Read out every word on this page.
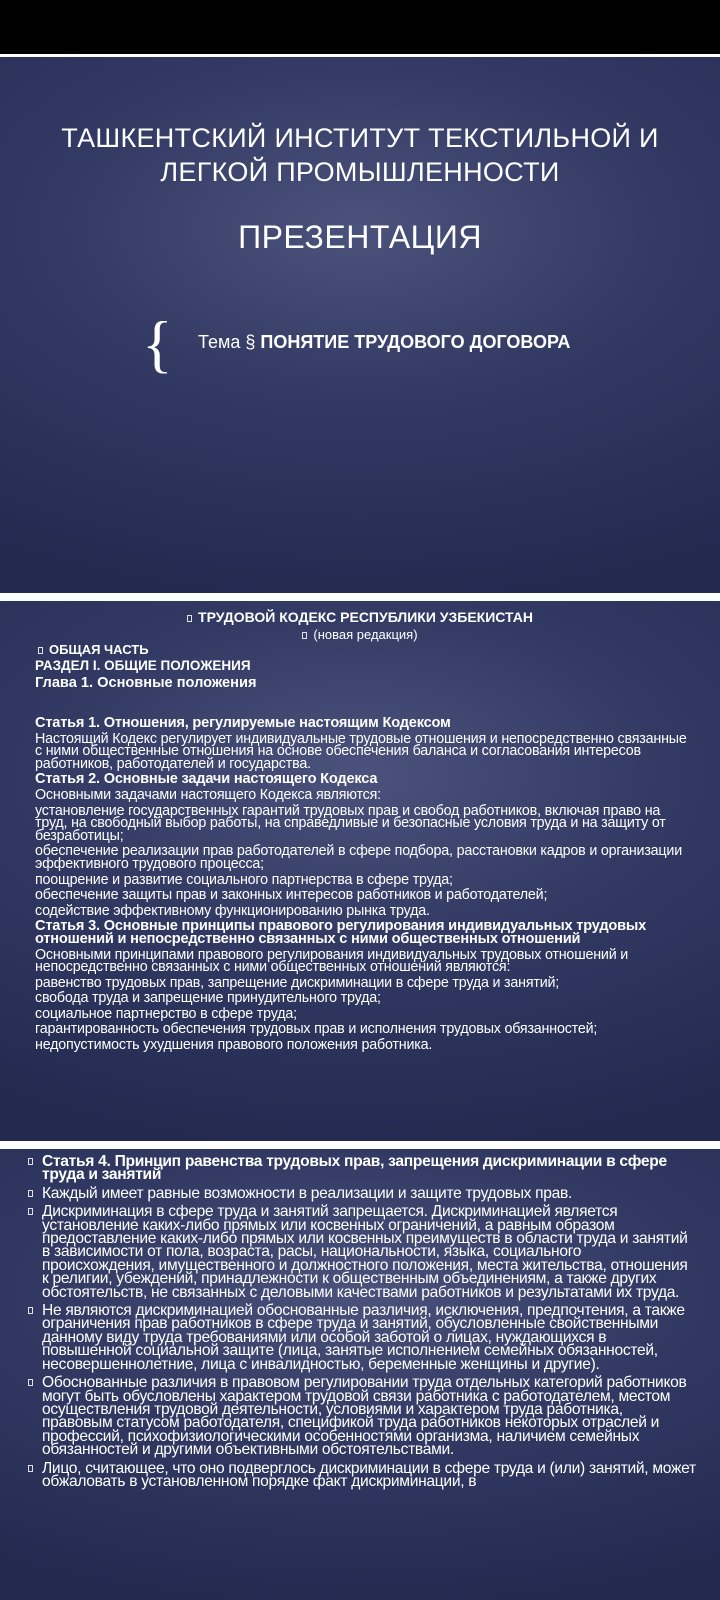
ТАШКЕНТСКИЙ ИНСТИТУТ ТЕКСТИЛЬНОЙ И ЛЕГКОЙ ПРОМЫШЛЕННОСТИ
ПРЕЗЕНТАЦИЯ
{ Тема § ПОНЯТИЕ ТРУДОВОГО ДОГОВОРА
ТРУДОВОЙ КОДЕКС РЕСПУБЛИКИ УЗБЕКИСТАН
(новая редакция)
ОБЩАЯ ЧАСТЬ
РАЗДЕЛ I. ОБЩИЕ ПОЛОЖЕНИЯ
Глава 1. Основные положения
Статья 1. Отношения, регулируемые настоящим Кодексом
Настоящий Кодекс регулирует индивидуальные трудовые отношения и непосредственно связанные с ними общественные отношения на основе обеспечения баланса и согласования интересов работников, работодателей и государства.
Статья 2. Основные задачи настоящего Кодекса
Основными задачами настоящего Кодекса являются:
установление государственных гарантий трудовых прав и свобод работников, включая право на труд, на свободный выбор работы, на справедливые и безопасные условия труда и на защиту от безработицы;
обеспечение реализации прав работодателей в сфере подбора, расстановки кадров и организации эффективного трудового процесса;
поощрение и развитие социального партнерства в сфере труда;
обеспечение защиты прав и законных интересов работников и работодателей;
содействие эффективному функционированию рынка труда.
Статья 3. Основные принципы правового регулирования индивидуальных трудовых отношений и непосредственно связанных с ними общественных отношений
Основными принципами правового регулирования индивидуальных трудовых отношений и непосредственно связанных с ними общественных отношений являются:
равенство трудовых прав, запрещение дискриминации в сфере труда и занятий;
свобода труда и запрещение принудительного труда;
социальное партнерство в сфере труда;
гарантированность обеспечения трудовых прав и исполнения трудовых обязанностей;
недопустимость ухудшения правового положения работника.
Статья 4. Принцип равенства трудовых прав, запрещения дискриминации в сфере труда и занятий
Каждый имеет равные возможности в реализации и защите трудовых прав.
Дискриминация в сфере труда и занятий запрещается. Дискриминацией является установление каких-либо прямых или косвенных ограничений, а равным образом предоставление каких-либо прямых или косвенных преимуществ в области труда и занятий в зависимости от пола, возраста, расы, национальности, языка, социального происхождения, имущественного и должностного положения, места жительства, отношения к религии, убеждений, принадлежности к общественным объединениям, а также других обстоятельств, не связанных с деловыми качествами работников и результатами их труда.
Не являются дискриминацией обоснованные различия, исключения, предпочтения, а также ограничения прав работников в сфере труда и занятий, обусловленные свойственными данному виду труда требованиями или особой заботой о лицах, нуждающихся в повышенной социальной защите (лица, занятые исполнением семейных обязанностей, несовершеннолетние, лица с инвалидностью, беременные женщины и другие).
Обоснованные различия в правовом регулировании труда отдельных категорий работников могут быть обусловлены характером трудовой связи работника с работодателем, местом осуществления трудовой деятельности, условиями и характером труда работника, правовым статусом работодателя, спецификой труда работников некоторых отраслей и профессий, психофизиологическими особенностями организма, наличием семейных обязанностей и другими объективными обстоятельствами.
Лицо, считающее, что оно подверглось дискриминации в сфере труда и (или) занятий, может обжаловать в установленном порядке факт дискриминации, в
